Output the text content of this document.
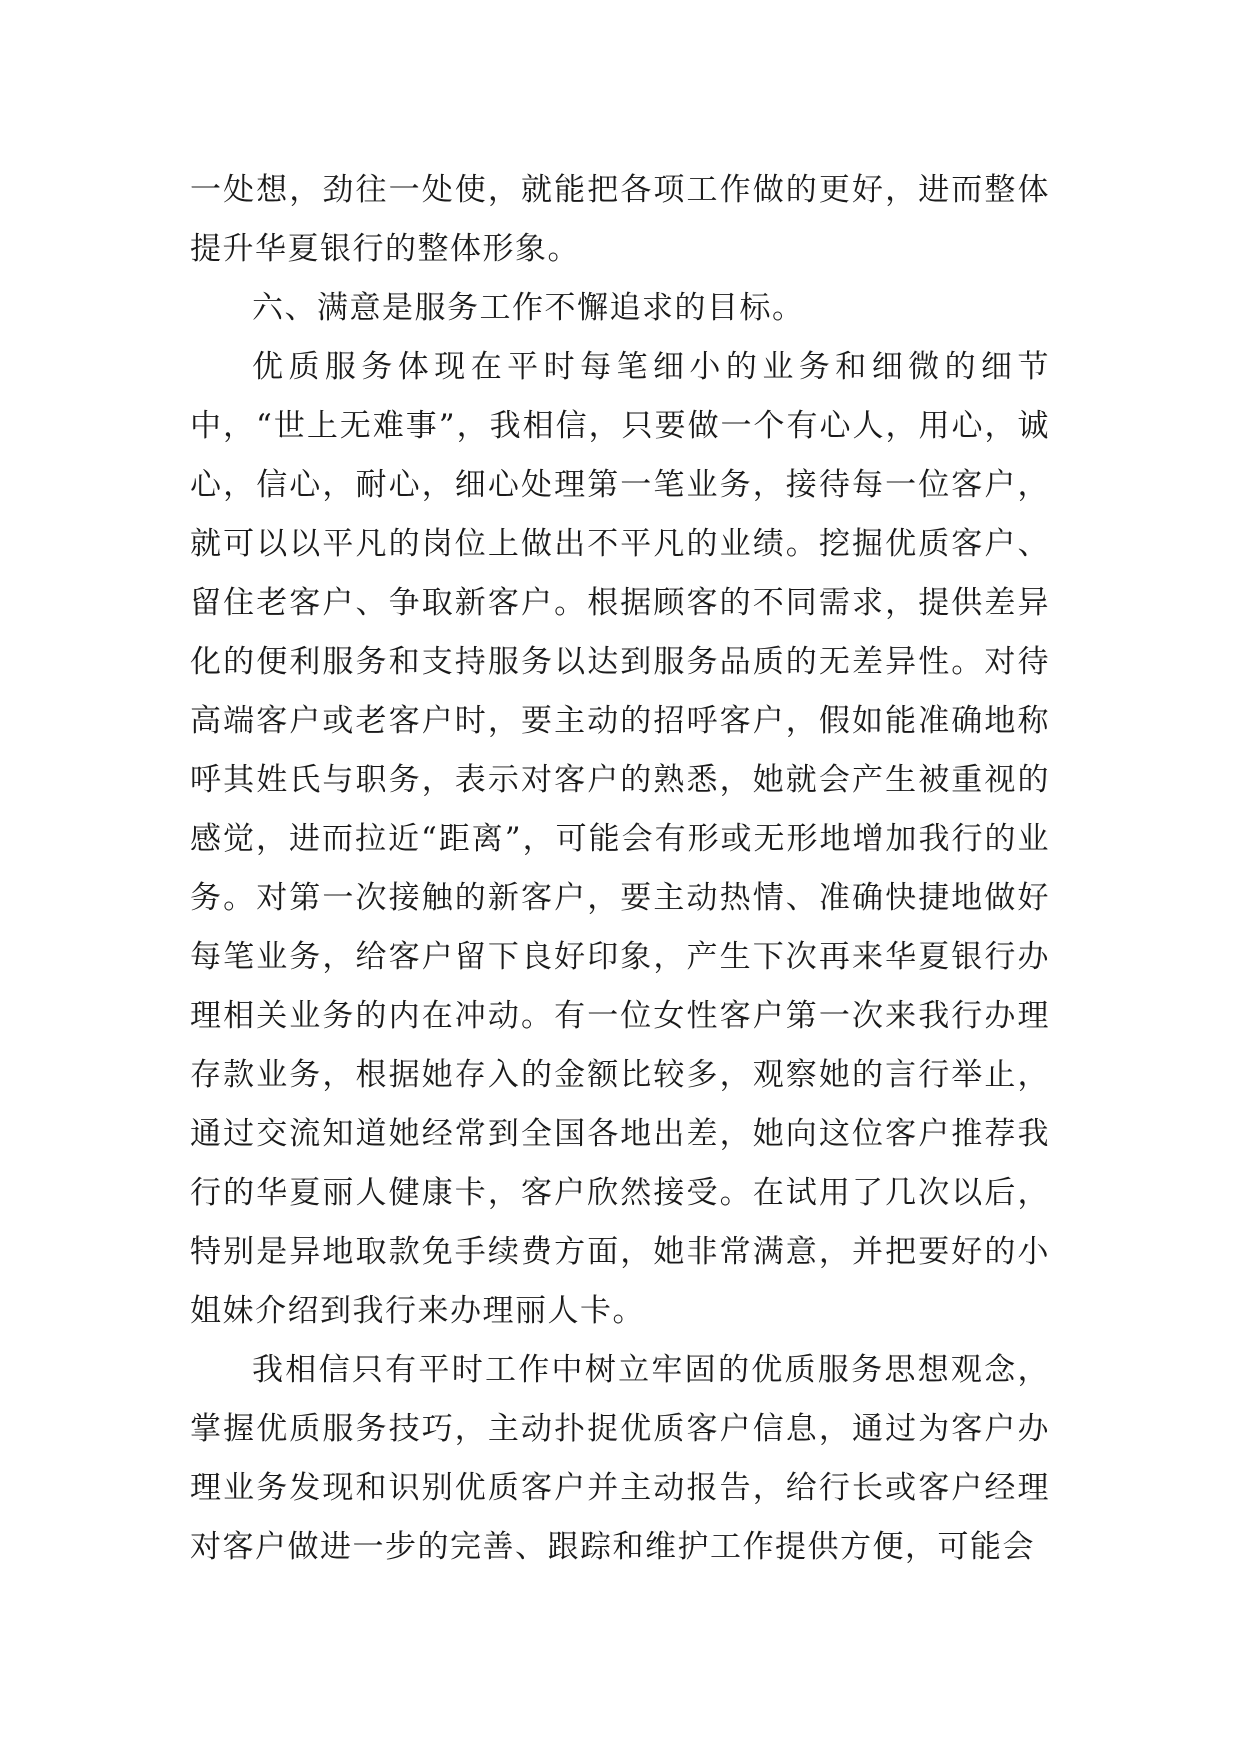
一处想，劲往一处使，就能把各项工作做的更好，进而整体提升华夏银行的整体形象。

六、满意是服务工作不懈追求的目标。

优质服务体现在平时每笔细小的业务和细微的细节中，“世上无难事”，我相信，只要做一个有心人，用心，诚心，信心，耐心，细心处理第一笔业务，接待每一位客户，就可以以平凡的岗位上做出不平凡的业绩。挖掘优质客户、留住老客户、争取新客户。根据顾客的不同需求，提供差异化的便利服务和支持服务以达到服务品质的无差异性。对待高端客户或老客户时，要主动的招呼客户，假如能准确地称呼其姓氏与职务，表示对客户的熟悉，她就会产生被重视的感觉，进而拉近“距离”，可能会有形或无形地增加我行的业务。对第一次接触的新客户，要主动热情、准确快捷地做好每笔业务，给客户留下良好印象，产生下次再来华夏银行办理相关业务的内在冲动。有一位女性客户第一次来我行办理存款业务，根据她存入的金额比较多，观察她的言行举止，通过交流知道她经常到全国各地出差，她向这位客户推荐我行的华夏丽人健康卡，客户欣然接受。在试用了几次以后，特别是异地取款免手续费方面，她非常满意，并把要好的小姐妹介绍到我行来办理丽人卡。

我相信只有平时工作中树立牢固的优质服务思想观念，掌握优质服务技巧，主动扑捉优质客户信息，通过为客户办理业务发现和识别优质客户并主动报告，给行长或客户经理对客户做进一步的完善、跟踪和维护工作提供方便，可能会
